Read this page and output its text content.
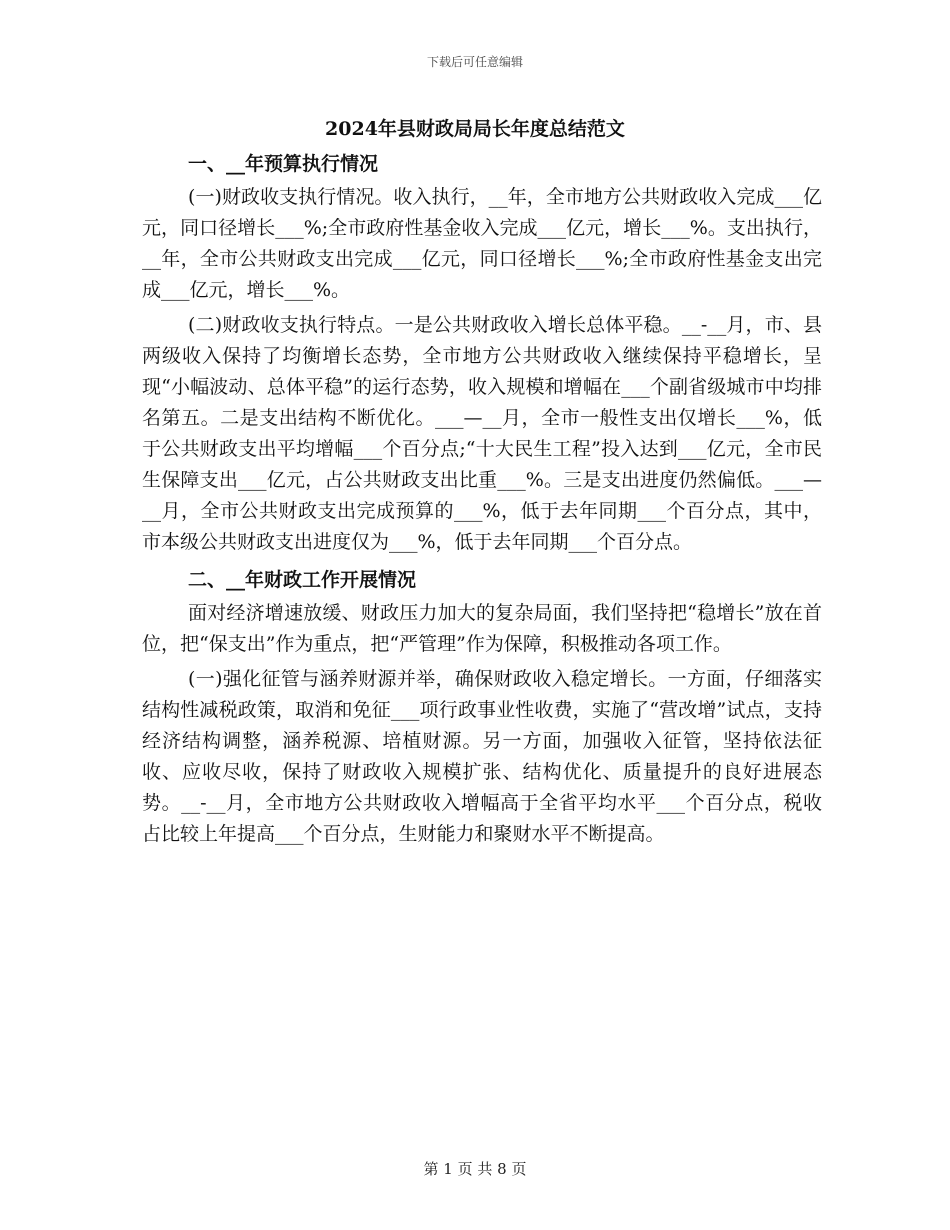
下载后可任意编辑
2024年县财政局局长年度总结范文
一、__年预算执行情况

(一)财政收支执行情况。收入执行，__年，全市地方公共财政收入完成___亿元，同口径增长___%;全市政府性基金收入完成___亿元，增长___%。支出执行，__年，全市公共财政支出完成___亿元，同口径增长___%;全市政府性基金支出完成___亿元，增长___%。

(二)财政收支执行特点。一是公共财政收入增长总体平稳。__-__月，市、县两级收入保持了均衡增长态势，全市地方公共财政收入继续保持平稳增长，呈现“小幅波动、总体平稳”的运行态势，收入规模和增幅在___个副省级城市中均排名第五。二是支出结构不断优化。___—__月，全市一般性支出仅增长___%，低于公共财政支出平均增幅___个百分点;“十大民生工程”投入达到___亿元，全市民生保障支出___亿元，占公共财政支出比重___%。三是支出进度仍然偏低。___—__月，全市公共财政支出完成预算的___%，低于去年同期___个百分点，其中，市本级公共财政支出进度仅为___%，低于去年同期___个百分点。

二、__年财政工作开展情况

面对经济增速放缓、财政压力加大的复杂局面，我们坚持把“稳增长”放在首位，把“保支出”作为重点，把“严管理”作为保障，积极推动各项工作。

(一)强化征管与涵养财源并举，确保财政收入稳定增长。一方面，仔细落实结构性减税政策，取消和免征___项行政事业性收费，实施了“营改增”试点，支持经济结构调整，涵养税源、培植财源。另一方面，加强收入征管，坚持依法征收、应收尽收，保持了财政收入规模扩张、结构优化、质量提升的良好进展态势。__-__月，全市地方公共财政收入增幅高于全省平均水平___个百分点，税收占比较上年提高___个百分点，生财能力和聚财水平不断提高。

第 1 页 共 8 页
